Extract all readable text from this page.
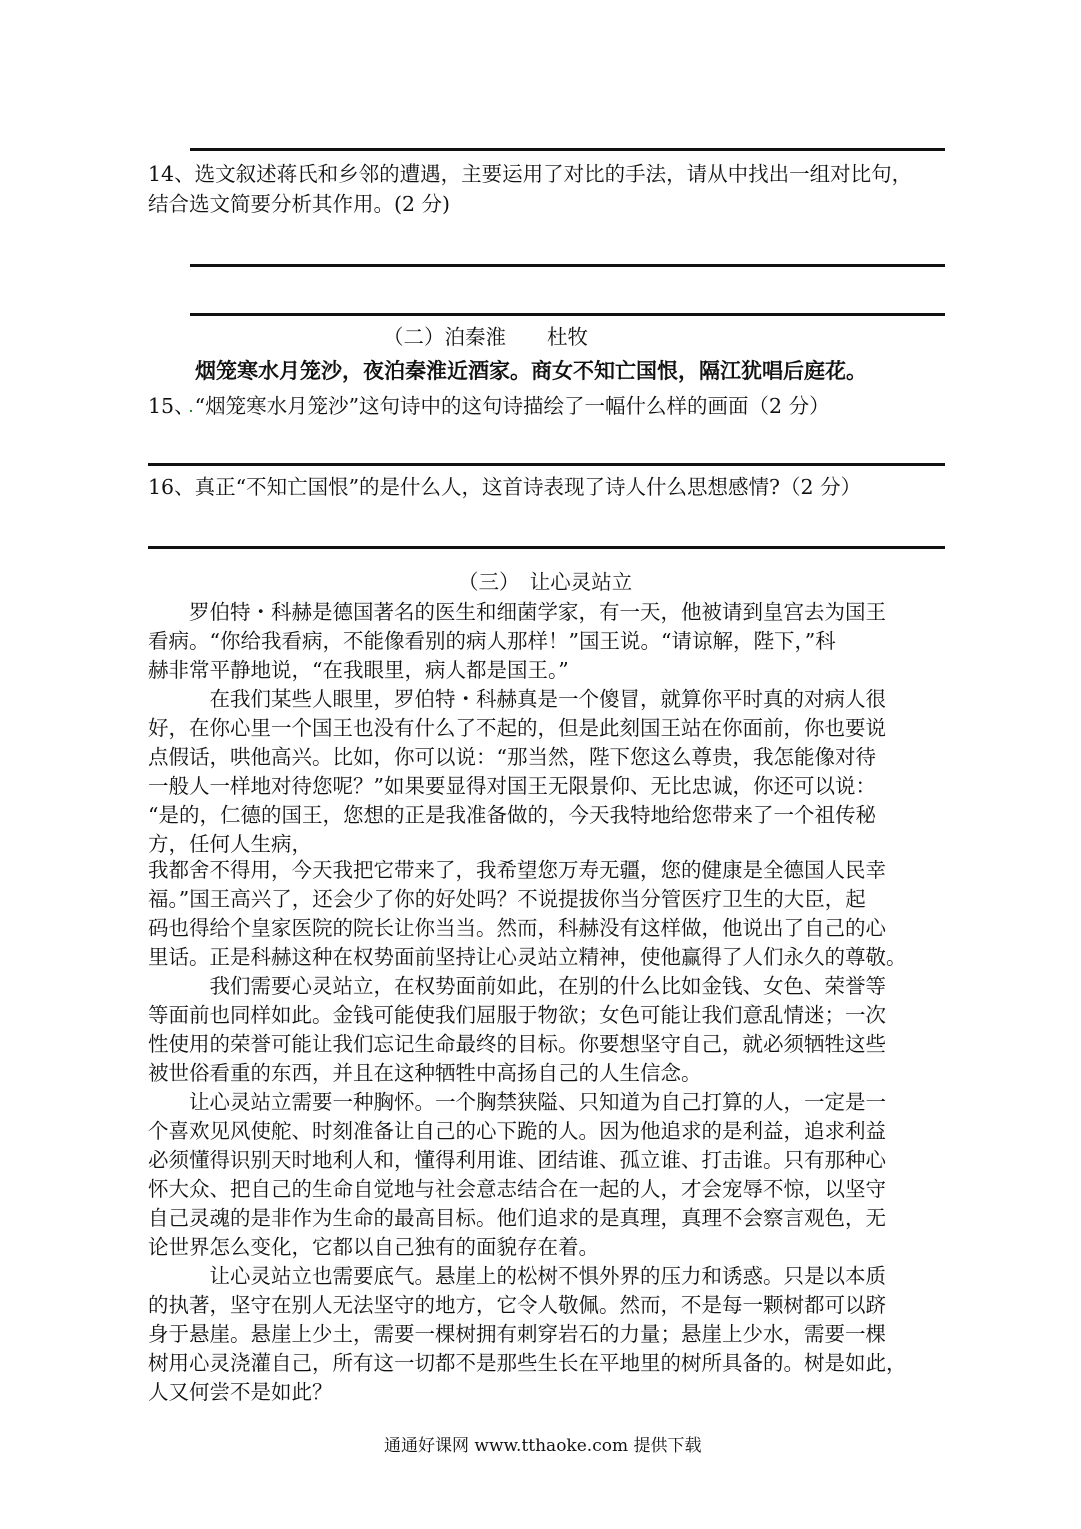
14、选文叙述蒋氏和乡邻的遭遇，主要运用了对比的手法，请从中找出一组对比句，
结合选文简要分析其作用。(2 分)
（二）泊秦淮　　杜牧
烟笼寒水月笼沙，夜泊秦淮近酒家。商女不知亡国恨，隔江犹唱后庭花。
15、“烟笼寒水月笼沙”这句诗中的这句诗描绘了一幅什么样的画面（2 分）
16、真正“不知亡国恨”的是什么人，这首诗表现了诗人什么思想感情?（2 分）
（三）　让心灵站立
　　罗伯特・科赫是德国著名的医生和细菌学家，有一天，他被请到皇宫去为国王
看病。“你给我看病，不能像看别的病人那样！”国王说。“请谅解，陛下，”科
赫非常平静地说，“在我眼里，病人都是国王。”
　　　在我们某些人眼里，罗伯特・科赫真是一个傻冒，就算你平时真的对病人很
好，在你心里一个国王也没有什么了不起的，但是此刻国王站在你面前，你也要说
点假话，哄他高兴。比如，你可以说：“那当然，陛下您这么尊贵，我怎能像对待
一般人一样地对待您呢？”如果要显得对国王无限景仰、无比忠诚，你还可以说：
“是的，仁德的国王，您想的正是我准备做的，今天我特地给您带来了一个祖传秘
方，任何人生病，
我都舍不得用，今天我把它带来了，我希望您万寿无疆，您的健康是全德国人民幸
福。”国王高兴了，还会少了你的好处吗？不说提拔你当分管医疗卫生的大臣，起
码也得给个皇家医院的院长让你当当。然而，科赫没有这样做，他说出了自己的心
里话。正是科赫这种在权势面前坚持让心灵站立精神，使他赢得了人们永久的尊敬。
　　　我们需要心灵站立，在权势面前如此，在别的什么比如金钱、女色、荣誉等
等面前也同样如此。金钱可能使我们屈服于物欲；女色可能让我们意乱情迷；一次
性使用的荣誉可能让我们忘记生命最终的目标。你要想坚守自己，就必须牺牲这些
被世俗看重的东西，并且在这种牺牲中高扬自己的人生信念。
　　让心灵站立需要一种胸怀。一个胸禁狭隘、只知道为自己打算的人，一定是一
个喜欢见风使舵、时刻准备让自己的心下跪的人。因为他追求的是利益，追求利益
必须懂得识别天时地利人和，懂得利用谁、团结谁、孤立谁、打击谁。只有那种心
怀大众、把自己的生命自觉地与社会意志结合在一起的人，才会宠辱不惊，以坚守
自己灵魂的是非作为生命的最高目标。他们追求的是真理，真理不会察言观色，无
论世界怎么变化，它都以自己独有的面貌存在着。
　　　让心灵站立也需要底气。悬崖上的松树不惧外界的压力和诱惑。只是以本质
的执著，坚守在别人无法坚守的地方，它令人敬佩。然而，不是每一颗树都可以跻
身于悬崖。悬崖上少土，需要一棵树拥有刺穿岩石的力量；悬崖上少水，需要一棵
树用心灵浇灌自己，所有这一切都不是那些生长在平地里的树所具备的。树是如此，
人又何尝不是如此？
通通好课网 www.tthaoke.com 提供下载
